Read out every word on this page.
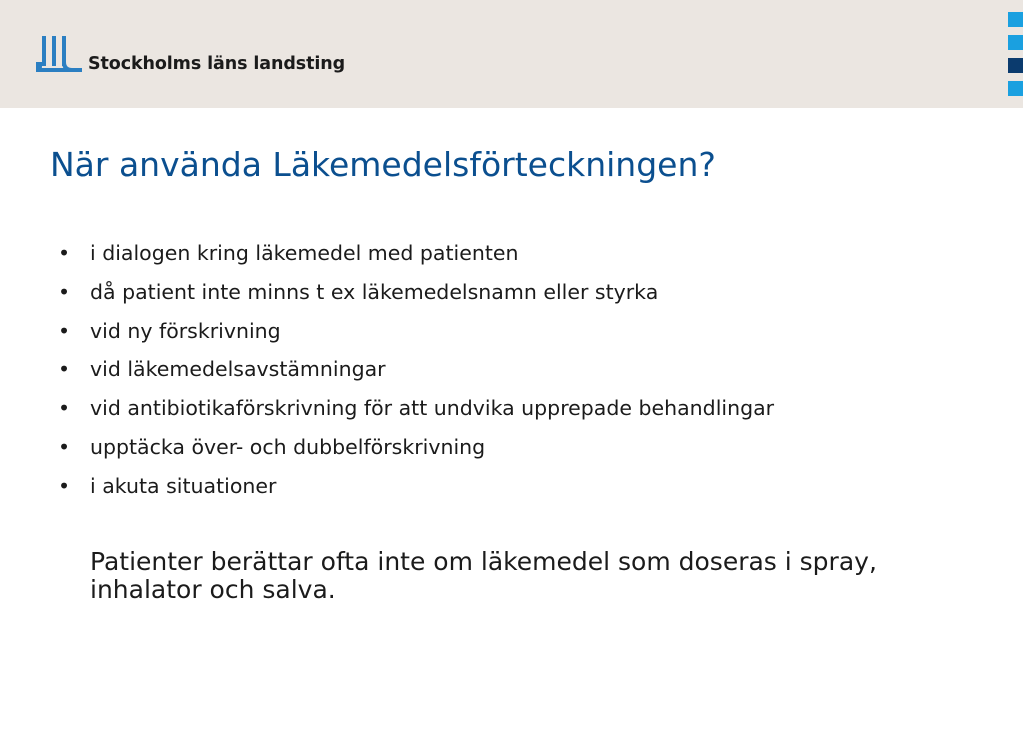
Stockholms läns landsting
När använda Läkemedelsförteckningen?
• i dialogen kring läkemedel med patienten
• då patient inte minns t ex läkemedelsnamn eller styrka
• vid ny förskrivning
• vid läkemedelsavstämningar
• vid antibiotikaförskrivning för att undvika upprepade behandlingar
• upptäcka över- och dubbelförskrivning
• i akuta situationer

Patienter berättar ofta inte om läkemedel som doseras i spray, inhalator och salva.
